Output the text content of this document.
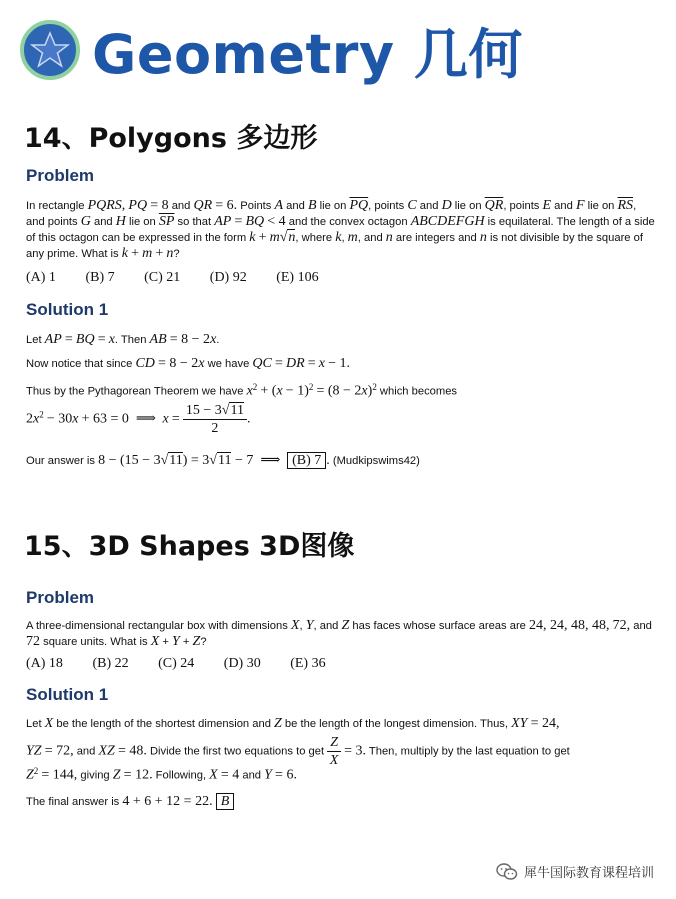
Geometry 几何
14、Polygons 多边形
Problem
In rectangle PQRS, PQ = 8 and QR = 6. Points A and B lie on $\overline{PQ}$, points C and D lie on $\overline{QR}$, points E and F lie on $\overline{RS}$, and points G and H lie on $\overline{SP}$ so that AP = BQ < 4 and the convex octagon ABCDEFGH is equilateral. The length of a side of this octagon can be expressed in the form k + m√n, where k, m, and n are integers and n is not divisible by the square of any prime. What is k + m + n?
(A) 1 (B) 7 (C) 21 (D) 92 (E) 106
Solution 1
Let AP = BQ = x. Then AB = 8 − 2x.
Now notice that since CD = 8 − 2x we have QC = DR = x − 1.
Thus by the Pythagorean Theorem we have $x^2 + (x - 1)^2 = (8 - 2x)^2$ which becomes
$2x^2 - 30x + 63 = 0$  ⟹  $x = \frac{15 - 3√11}{2}$ .
Our answer is 8 − (15 − 3√11) = 3√11 − 7  ⟹  (B) 7 . (Mudkipswims42)
15、3D Shapes 3D图像
Problem
A three-dimensional rectangular box with dimensions X, Y, and Z has faces whose surface areas are 24, 24, 48, 48, 72, and 72 square units. What is X + Y + Z?
(A) 18 (B) 22 (C) 24 (D) 30 (E) 36
Solution 1
Let X be the length of the shortest dimension and Z be the length of the longest dimension. Thus, XY = 24,
YZ = 72, and XZ = 48. Divide the first two equations to get $\frac{Z}{X} = 3$. Then, multiply by the last equation to get
$Z^2 = 144$, giving Z = 12. Following, X = 4 and Y = 6.
The final answer is 4 + 6 + 12 = 22. B
犀牛国际教育课程培训
